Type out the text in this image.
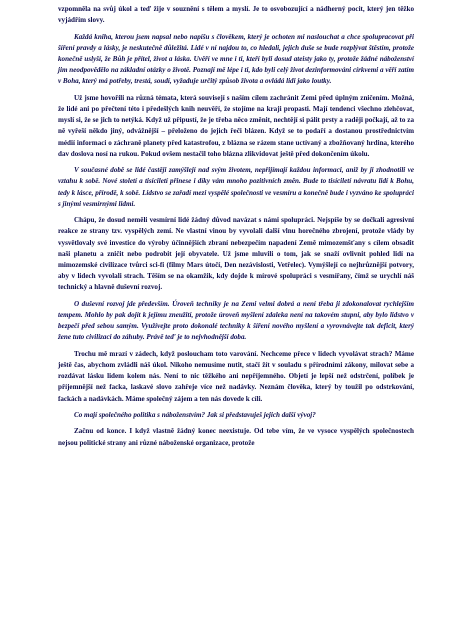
vzpomněla na svůj úkol a teď žije v souznění s tělem a myslí. Je to osvobozující a nádherný pocit, který jen těžko vyjádřím slovy.

Každá kniha, kterou jsem napsal nebo napíšu s člověkem, který je ochoten mi naslouchat a chce spolupracovat při šíření pravdy a lásky, je neskutečně důležitá. Lidé v ní najdou to, co hledali, jejich duše se bude rozplývat štěstím, protože konečně uslyší, že Bůh je přítel, život a láska. Uvěří ve mne i ti, kteří byli dosud ateisty jako ty, protože žádné náboženství jim neodpovědělo na základní otázky o životě. Poznají mě lépe i ti, kdo byli celý život dezinformováni církvemi a věří zatím v Boha, který má potřeby, trestá, soudí, vyžaduje určitý způsob života a ovládá lidi jako loutky.

Už jsme hovořili na různá témata, která souvisejí s naším cílem zachránit Zemi před úplným zničením. Možná, že lidé ani po přečtení této i předešlých knih neuvěří, že stojíme na kraji propasti. Mají tendenci všechno zlehčovat, myslí si, že se jich to netýká. Když už připustí, že je třeba něco změnit, nechtějí si pálit prsty a raději počkají, až to za ně vyřeší někdo jiný, odvážnější – přeloženo do jejich řeči blázen. Když se to podaří a dostanou prostřednictvím médií informaci o záchraně planety před katastrofou, z blázna se rázem stane uctívaný a zbožňovaný hrdina, kterého dav doslova nosí na rukou. Pokud ovšem nestačil toho blázna zlikvidovat ještě před dokončením úkolu.

V současné době se lidé častěji zamýšlejí nad svým životem, nepřijímají každou informaci, aniž by ji zhodnotili ve vztahu k sobě. Nové století a tisíciletí přinese i díky vám mnoho pozitivních změn. Bude to tisíciletí návratu lidí k Bohu, tedy k lásce, přírodě, k sobě. Lidstvo se zařadí mezi vyspělé společnosti ve vesmíru a konečně bude i vyzváno ke spolupráci s jinými vesmírnými lidmi.

Chápu, že dosud neměli vesmírní lidé žádný důvod navázat s námi spolupráci. Nejspíše by se dočkali agresivní reakce ze strany tzv. vyspělých zemí. Ne vlastní vinou by vyvolali další vlnu horečného zbrojení, protože vlády by vysvětlovaly své investice do výroby účinnějších zbraní nebezpečím napadení Země mimozemšťany s cílem obsadit naši planetu a zničit nebo podrobit její obyvatele. Už jsme mluvili o tom, jak se snaží ovlivnit pohled lidí na mimozemské civilizace tvůrci sci-fi (filmy Mars útočí, Den nezávislosti, Vetřelec). Vymýšlejí co nejhrůznější potvory, aby v lidech vyvolali strach. Těším se na okamžik, kdy dojde k mírové spolupráci s vesmířany, čímž se urychlí náš technický a hlavně duševní rozvoj.

O duševní rozvoj jde především. Úroveň techniky je na Zemi velmi dobrá a není třeba ji zdokonalovat rychlejším tempem. Mohlo by pak dojít k jejímu zneužití, protože úroveň myšlení zdaleka není na takovém stupni, aby bylo lidstvo v bezpečí před sebou samým. Využívejte proto dokonalé techniky k šíření nového myšlení a vyrovnávejte tak deficit, který žene tuto civilizaci do záhuby. Právě teď je to nejvhodnější doba.

Trochu mě mrazí v zádech, když posloucham toto varování. Nechceme přece v lidech vyvolávat strach? Máme ještě čas, abychom zvládli náš úkol. Nikoho nemusíme nutit, stačí žít v souladu s přírodními zákony, milovat sebe a rozdávat lásku lidem kolem nás. Není to nic těžkého ani nepříjemného. Objetí je lepší než odstrčení, políbek je příjemnější než facka, laskavé slovo zahřeje více než nadávky. Neznám člověka, který by toužil po odstrkování, fackách a nadávkách. Máme společný zájem a ten nás dovede k cíli.

Co mají společného politika s náboženstvím? Jak si představuješ jejich další vývoj?

Začnu od konce. I když vlastně žádný konec neexistuje. Od tebe vím, že ve vysoce vyspělých společnostech nejsou politické strany ani různé náboženské organizace, protože
